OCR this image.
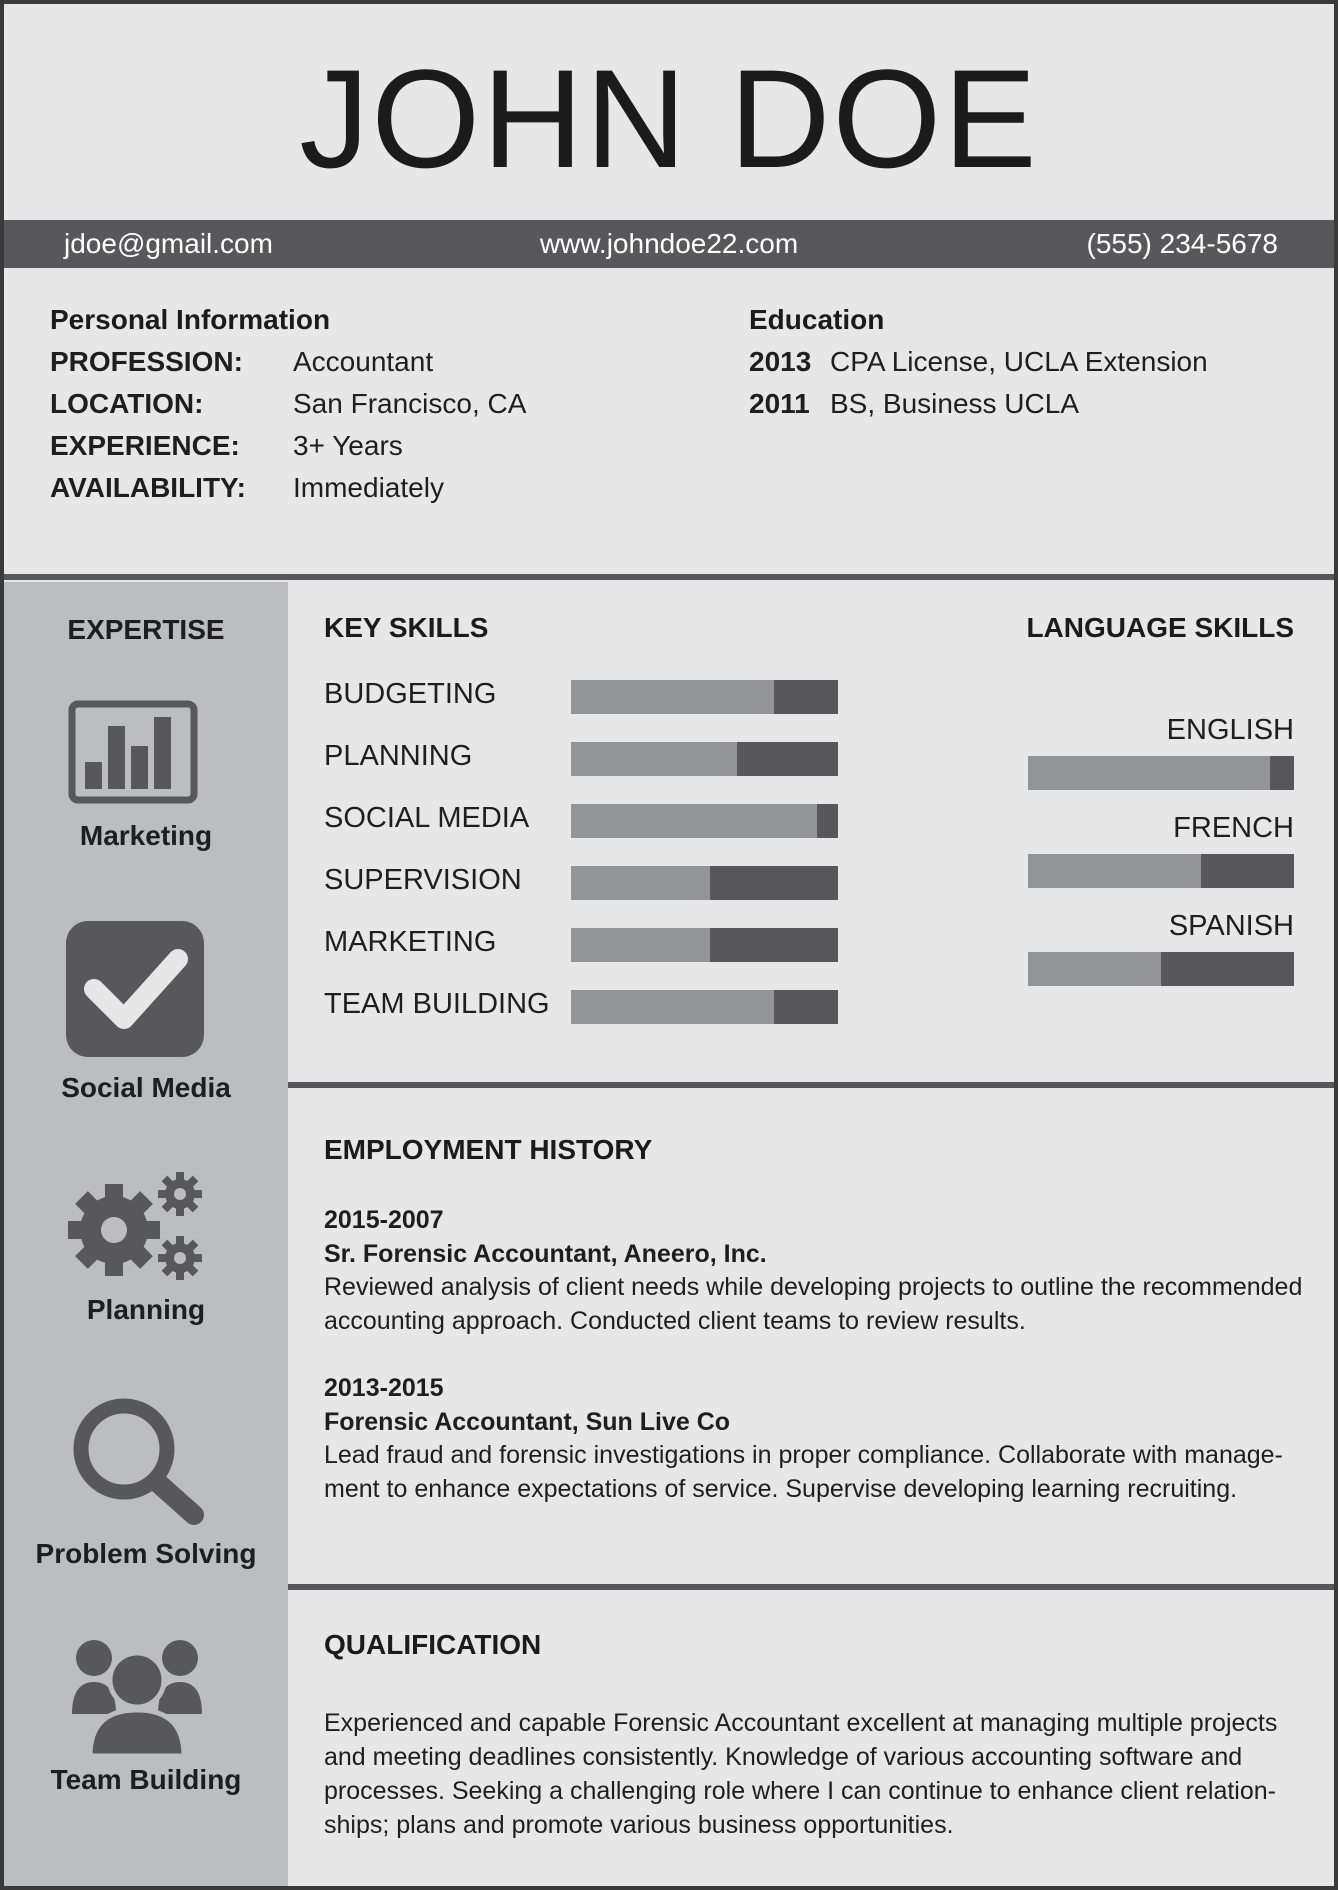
JOHN DOE
jdoe@gmail.com	www.johndoe22.com	(555) 234-5678
Personal Information
PROFESSION: Accountant
LOCATION:	San Francisco, CA
EXPERIENCE: 3+ Years
AVAILABILITY: Immediately
Education
2013 CPA License, UCLA Extension
2011 BS, Business UCLA
EXPERTISE
Marketing
Social Media
Planning
Problem Solving
Team Building
KEY SKILLS
BUDGETING
PLANNING
SOCIAL MEDIA
SUPERVISION
MARKETING
TEAM BUILDING
LANGUAGE SKILLS
ENGLISH
FRENCH
SPANISH
EMPLOYMENT HISTORY
2015-2007
Sr. Forensic Accountant, Aneero, Inc.
Reviewed analysis of client needs while developing projects to outline the recommended
accounting approach. Conducted client teams to review results.
2013-2015
Forensic Accountant, Sun Live Co
Lead fraud and forensic investigations in proper compliance. Collaborate with manage-
ment to enhance expectations of service. Supervise developing learning recruiting.
QUALIFICATION
Experienced and capable Forensic Accountant excellent at managing multiple projects
and meeting deadlines consistently. Knowledge of various accounting software and
processes. Seeking a challenging role where I can continue to enhance client relation-
ships; plans and promote various business opportunities.
